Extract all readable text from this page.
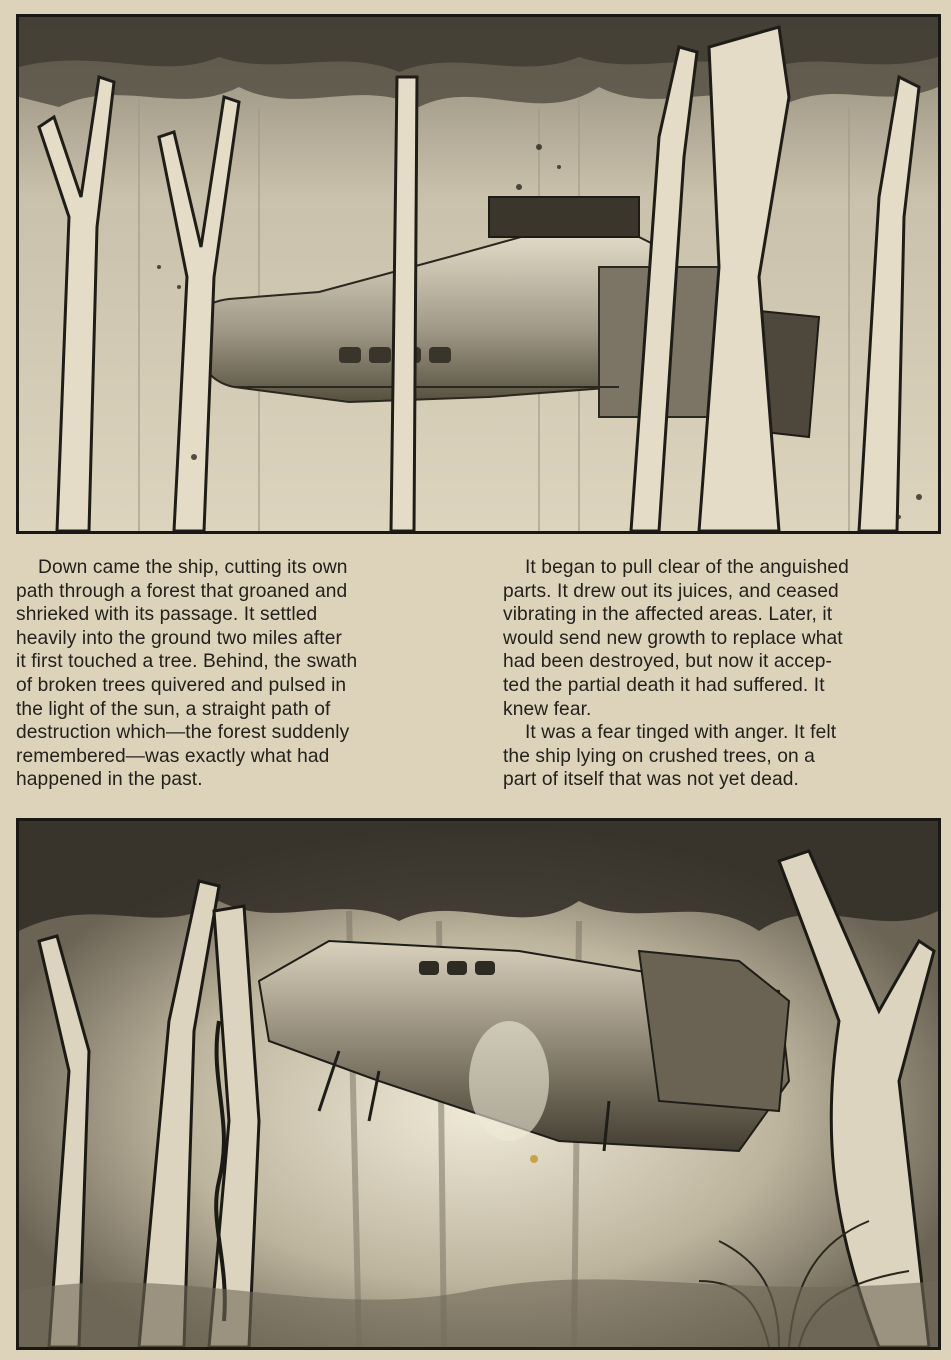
Down came the ship, cutting its own

path through a forest that groaned and
shrieked with its passage. It settled
heavily into the ground two miles after
it first touched a tree. Behind, the swath
of broken trees quivered and pulsed in
the light of the sun, a straight path of
destruction which—the forest suddenly
remembered—was exactly what had
happened in the past.

It began to pull clear of the anguished

parts. It drew out its juices, and ceased
vibrating in the affected areas. Later, it
would send new growth to replace what
had been destroyed, but now it accep-
ted the partial death it had suffered. It
knew fear.

It was a fear tinged with anger. It felt

the ship lying on crushed trees, on a
part of itself that was not yet dead.
